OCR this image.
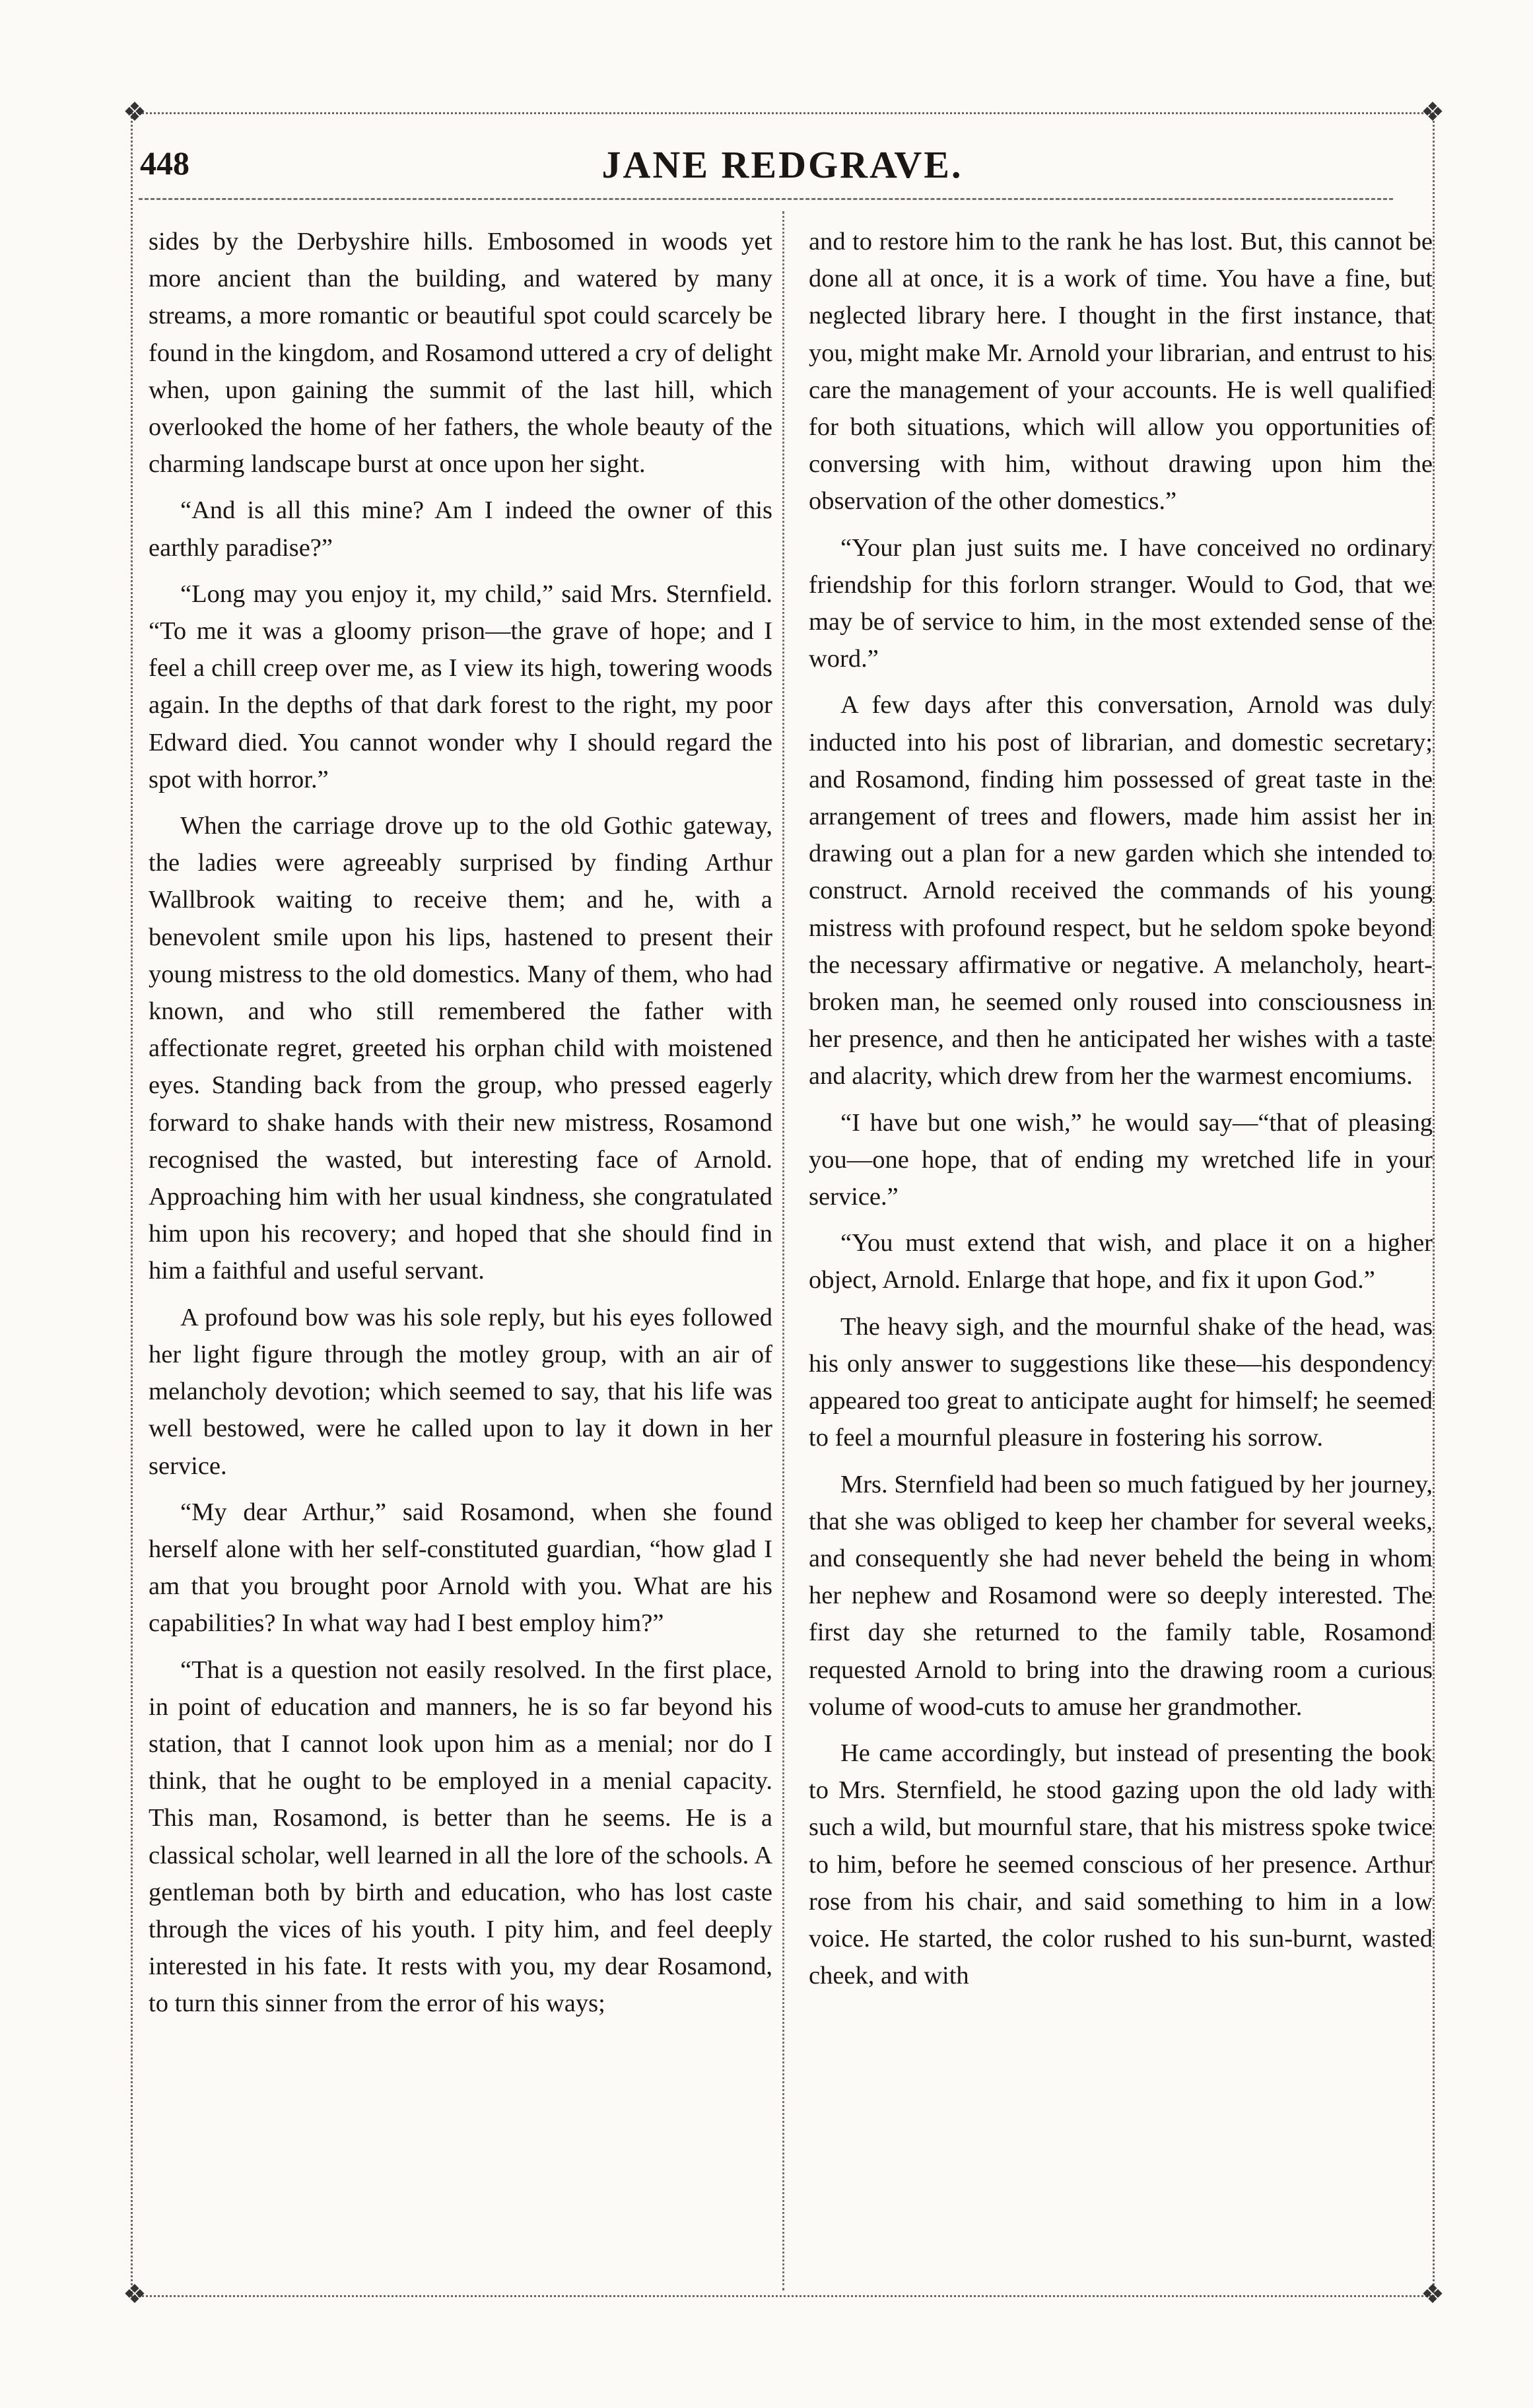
❖	❖
❖	❖
448	JANE REDGRAVE.

sides by the Derbyshire hills. Embosomed in woods yet more ancient than the building, and watered by many streams, a more romantic or beautiful spot could scarcely be found in the kingdom, and Rosamond uttered a cry of delight when, upon gaining the summit of the last hill, which overlooked the home of her fathers, the whole beauty of the charming landscape burst at once upon her sight.

“And is all this mine? Am I indeed the owner of this earthly paradise?”

“Long may you enjoy it, my child,” said Mrs. Sternfield. “To me it was a gloomy prison—the grave of hope; and I feel a chill creep over me, as I view its high, towering woods again. In the depths of that dark forest to the right, my poor Edward died. You cannot wonder why I should regard the spot with horror.”

When the carriage drove up to the old Gothic gateway, the ladies were agreeably surprised by finding Arthur Wallbrook waiting to receive them; and he, with a benevolent smile upon his lips, hastened to present their young mistress to the old domestics. Many of them, who had known, and who still remembered the father with affectionate regret, greeted his orphan child with moistened eyes. Standing back from the group, who pressed eagerly forward to shake hands with their new mistress, Rosamond recognised the wasted, but interesting face of Arnold. Approaching him with her usual kindness, she congratulated him upon his recovery; and hoped that she should find in him a faithful and useful servant.

A profound bow was his sole reply, but his eyes followed her light figure through the motley group, with an air of melancholy devotion; which seemed to say, that his life was well bestowed, were he called upon to lay it down in her service.

“My dear Arthur,” said Rosamond, when she found herself alone with her self-constituted guardian, “how glad I am that you brought poor Arnold with you. What are his capabilities? In what way had I best employ him?”

“That is a question not easily resolved. In the first place, in point of education and manners, he is so far beyond his station, that I cannot look upon him as a menial; nor do I think, that he ought to be employed in a menial capacity. This man, Rosamond, is better than he seems. He is a classical scholar, well learned in all the lore of the schools. A gentleman both by birth and education, who has lost caste through the vices of his youth. I pity him, and feel deeply interested in his fate. It rests with you, my dear Rosamond, to turn this sinner from the error of his ways;

and to restore him to the rank he has lost. But, this cannot be done all at once, it is a work of time. You have a fine, but neglected library here. I thought in the first instance, that you, might make Mr. Arnold your librarian, and entrust to his care the management of your accounts. He is well qualified for both situations, which will allow you opportunities of conversing with him, without drawing upon him the observation of the other domestics.”

“Your plan just suits me. I have conceived no ordinary friendship for this forlorn stranger. Would to God, that we may be of service to him, in the most extended sense of the word.”

A few days after this conversation, Arnold was duly inducted into his post of librarian, and domestic secretary; and Rosamond, finding him possessed of great taste in the arrangement of trees and flowers, made him assist her in drawing out a plan for a new garden which she intended to construct. Arnold received the commands of his young mistress with profound respect, but he seldom spoke beyond the necessary affirmative or negative. A melancholy, heart-broken man, he seemed only roused into consciousness in her presence, and then he anticipated her wishes with a taste and alacrity, which drew from her the warmest encomiums.

“I have but one wish,” he would say—“that of pleasing you—one hope, that of ending my wretched life in your service.”

“You must extend that wish, and place it on a higher object, Arnold. Enlarge that hope, and fix it upon God.”

The heavy sigh, and the mournful shake of the head, was his only answer to suggestions like these—his despondency appeared too great to anticipate aught for himself; he seemed to feel a mournful pleasure in fostering his sorrow.

Mrs. Sternfield had been so much fatigued by her journey, that she was obliged to keep her chamber for several weeks, and consequently she had never beheld the being in whom her nephew and Rosamond were so deeply interested. The first day she returned to the family table, Rosamond requested Arnold to bring into the drawing room a curious volume of wood-cuts to amuse her grandmother.

He came accordingly, but instead of presenting the book to Mrs. Sternfield, he stood gazing upon the old lady with such a wild, but mournful stare, that his mistress spoke twice to him, before he seemed conscious of her presence. Arthur rose from his chair, and said something to him in a low voice. He started, the color rushed to his sun-burnt, wasted cheek, and with
